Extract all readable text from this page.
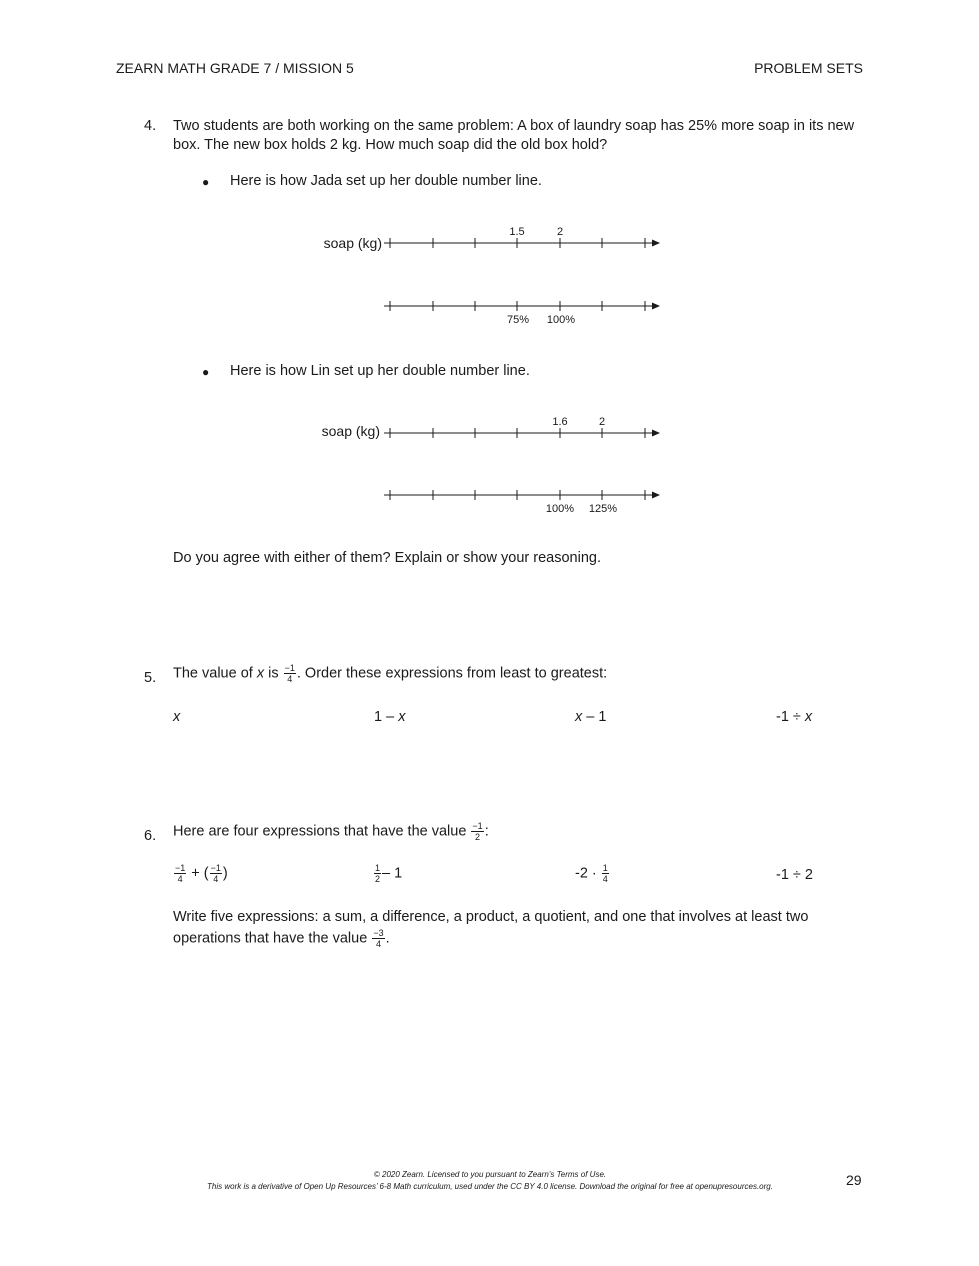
ZEARN MATH GRADE 7 / MISSION 5	PROBLEM SETS
4. Two students are both working on the same problem: A box of laundry soap has 25% more soap in its new
box. The new box holds 2 kg. How much soap did the old box hold?
● Here is how Jada set up her double number line.
soap (kg)
1.5	2
75% 100%
● Here is how Lin set up her double number line.
soap (kg)
1.6	2
100% 125%
Do you agree with either of them? Explain or show your reasoning.
5. The value of x is $\frac{-1}{4}$ . Order these expressions from least to greatest:
x	1 – x	x – 1	-1 ÷ x
6. Here are four expressions that have the value $\frac{-1}{2}$ :
$\frac{-1}{4}$ + ( $\frac{-1}{4}$ )	$\frac{1}{2} - 1$	$-2 \cdot \frac{1}{4}$	-1 ÷ 2
Write five expressions: a sum, a difference, a product, a quotient, and one that involves at least two
operations that have the value $\frac{-3}{4}$ .
© 2020 Zearn. Licensed to you pursuant to Zearn’s Terms of Use.
This work is a derivative of Open Up Resources’ 6-8 Math curriculum, used under the CC BY 4.0 license. Download the original for free at openupresources.org.	29
